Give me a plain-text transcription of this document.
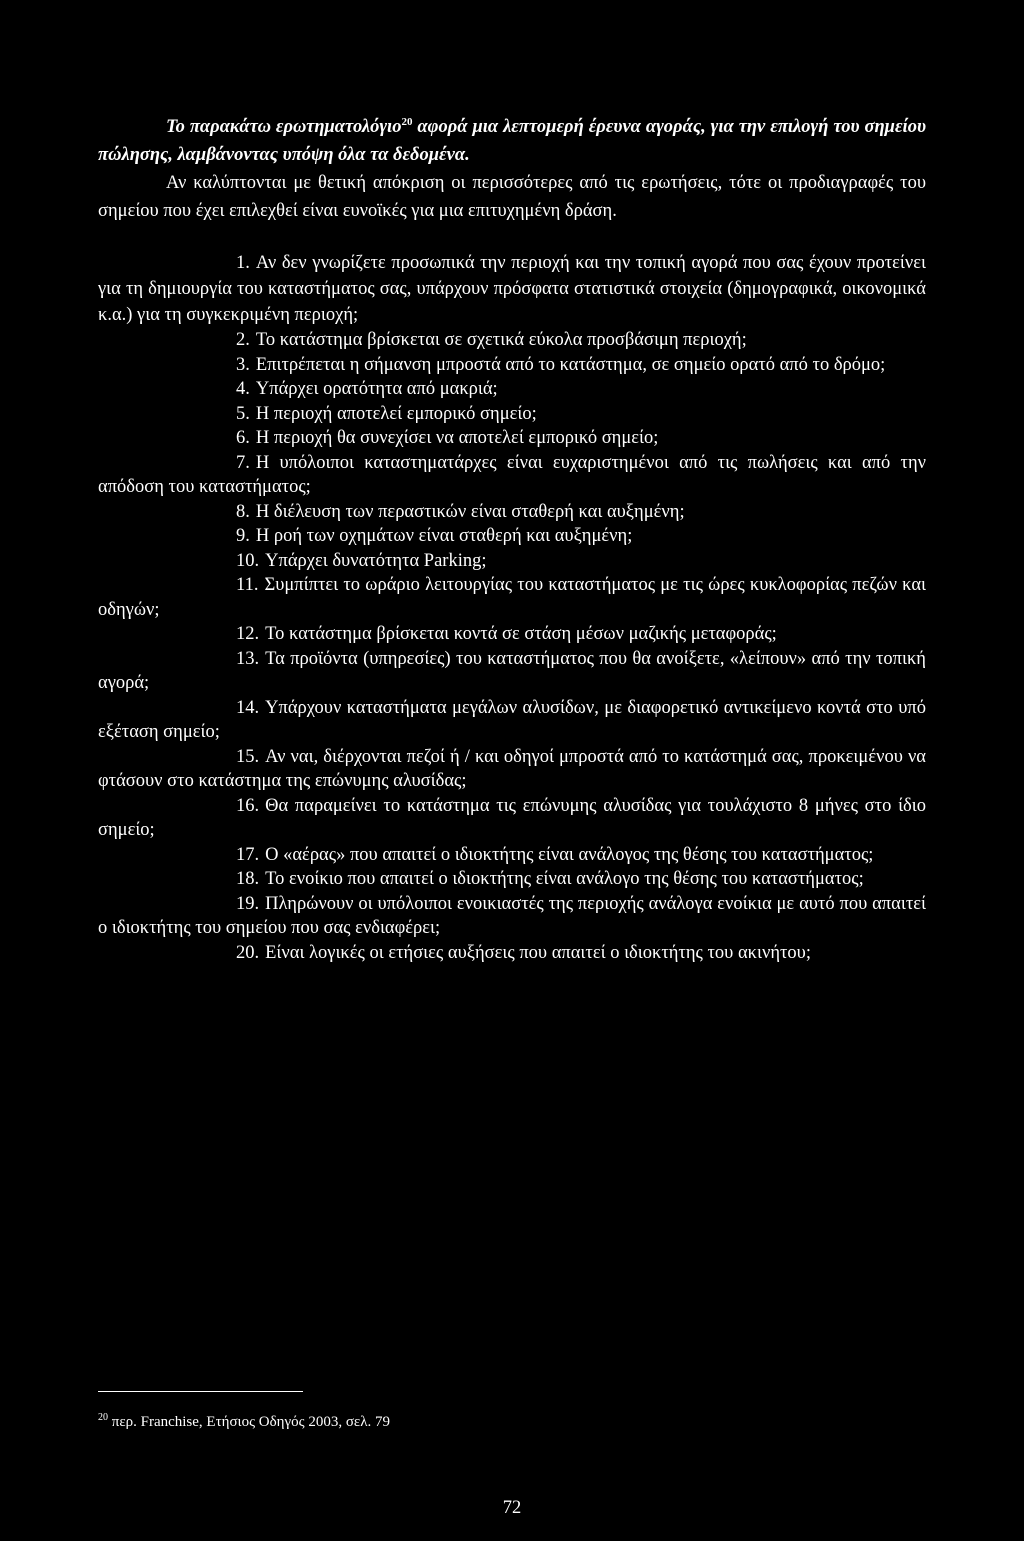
Το παρακάτω ερωτηματολόγιο$^{20}$ αφορά μια λεπτομερή έρευνα αγοράς, για την επιλογή του σημείου πώλησης, λαμβάνοντας υπόψη όλα τα δεδομένα.

Αν καλύπτονται με θετική απόκριση οι περισσότερες από τις ερωτήσεις, τότε οι προδιαγραφές του σημείου που έχει επιλεχθεί είναι ευνοϊκές για μια επιτυχημένη δράση.

1. Αν δεν γνωρίζετε προσωπικά την περιοχή και την τοπική αγορά που σας έχουν προτείνει για τη δημιουργία του καταστήματος σας, υπάρχουν πρόσφατα στατιστικά στοιχεία (δημογραφικά, οικονομικά κ.α.) για τη συγκεκριμένη περιοχή;
2. Το κατάστημα βρίσκεται σε σχετικά εύκολα προσβάσιμη περιοχή;
3. Επιτρέπεται η σήμανση μπροστά από το κατάστημα, σε σημείο ορατό από το δρόμο;
4. Υπάρχει ορατότητα από μακριά;
5. Η περιοχή αποτελεί εμπορικό σημείο;
6. Η περιοχή θα συνεχίσει να αποτελεί εμπορικό σημείο;
7. Η υπόλοιποι καταστηματάρχες είναι ευχαριστημένοι από τις πωλήσεις και από την απόδοση του καταστήματος;
8. Η διέλευση των περαστικών είναι σταθερή και αυξημένη;
9. Η ροή των οχημάτων είναι σταθερή και αυξημένη;
10. Υπάρχει δυνατότητα Parking;
11. Συμπίπτει το ωράριο λειτουργίας του καταστήματος με τις ώρες κυκλοφορίας πεζών και οδηγών;
12. Το κατάστημα βρίσκεται κοντά σε στάση μέσων μαζικής μεταφοράς;
13. Τα προϊόντα (υπηρεσίες) του καταστήματος που θα ανοίξετε, «λείπουν» από την τοπική αγορά;
14. Υπάρχουν καταστήματα μεγάλων αλυσίδων, με διαφορετικό αντικείμενο κοντά στο υπό εξέταση σημείο;
15. Αν ναι, διέρχονται πεζοί ή / και οδηγοί μπροστά από το κατάστημά σας, προκειμένου να φτάσουν στο κατάστημα της επώνυμης αλυσίδας;
16. Θα παραμείνει το κατάστημα τις επώνυμης αλυσίδας για τουλάχιστο 8 μήνες στο ίδιο σημείο;
17. Ο «αέρας» που απαιτεί ο ιδιοκτήτης είναι ανάλογος της θέσης του καταστήματος;
18. Το ενοίκιο που απαιτεί ο ιδιοκτήτης είναι ανάλογο της θέσης του καταστήματος;
19. Πληρώνουν οι υπόλοιποι ενοικιαστές της περιοχής ανάλογα ενοίκια με αυτό που απαιτεί ο ιδιοκτήτης του σημείου που σας ενδιαφέρει;
20. Είναι λογικές οι ετήσιες αυξήσεις που απαιτεί ο ιδιοκτήτης του ακινήτου;
$^{20}$ περ. Franchise, Ετήσιος Οδηγός 2003, σελ. 79
72
